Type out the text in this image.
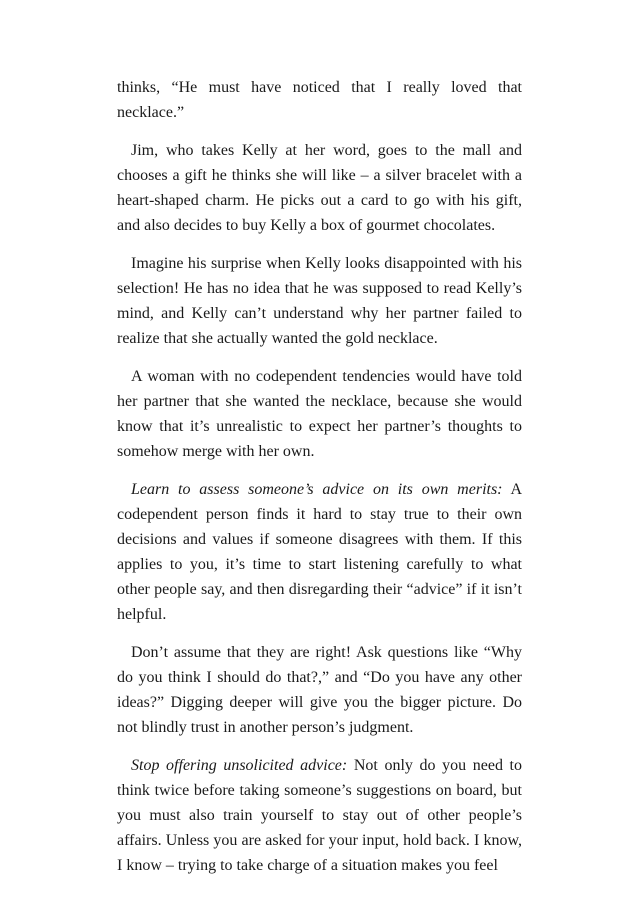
thinks, “He must have noticed that I really loved that necklace.”

Jim, who takes Kelly at her word, goes to the mall and chooses a gift he thinks she will like – a silver bracelet with a heart-shaped charm. He picks out a card to go with his gift, and also decides to buy Kelly a box of gourmet chocolates.

Imagine his surprise when Kelly looks disappointed with his selection! He has no idea that he was supposed to read Kelly’s mind, and Kelly can’t understand why her partner failed to realize that she actually wanted the gold necklace.

A woman with no codependent tendencies would have told her partner that she wanted the necklace, because she would know that it’s unrealistic to expect her partner’s thoughts to somehow merge with her own.

Learn to assess someone’s advice on its own merits: A codependent person finds it hard to stay true to their own decisions and values if someone disagrees with them. If this applies to you, it’s time to start listening carefully to what other people say, and then disregarding their “advice” if it isn’t helpful.

Don’t assume that they are right! Ask questions like “Why do you think I should do that?,” and “Do you have any other ideas?” Digging deeper will give you the bigger picture. Do not blindly trust in another person’s judgment.

Stop offering unsolicited advice: Not only do you need to think twice before taking someone’s suggestions on board, but you must also train yourself to stay out of other people’s affairs. Unless you are asked for your input, hold back. I know, I know – trying to take charge of a situation makes you feel
